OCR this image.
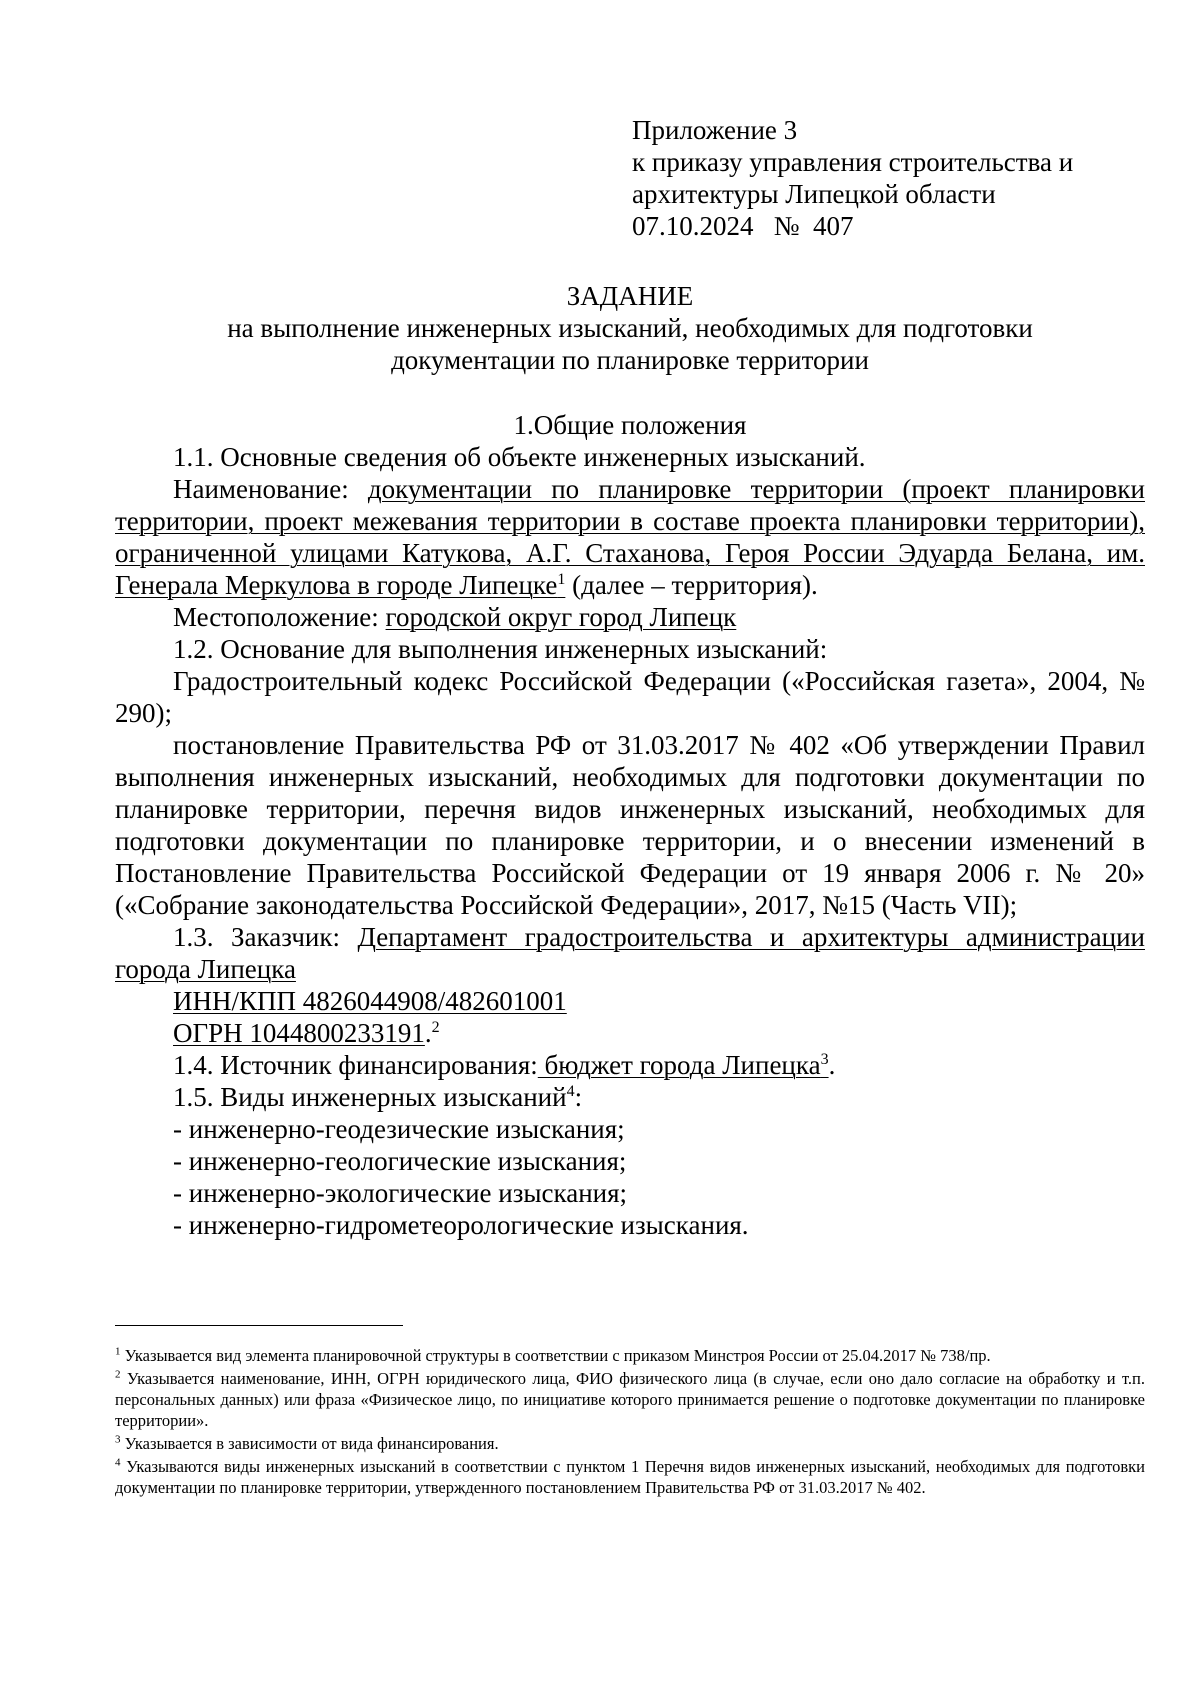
Приложение 3
к приказу управления строительства и
архитектуры Липецкой области
07.10.2024   №  407
ЗАДАНИЕ
на выполнение инженерных изысканий, необходимых для подготовки
документации по планировке территории

1.Общие положения

1.1. Основные сведения об объекте инженерных изысканий.

Наименование: документации по планировке территории (проект планировки территории, проект межевания территории в составе проекта планировки территории), ограниченной улицами Катукова, А.Г. Стаханова, Героя России Эдуарда Белана, им. Генерала Меркулова в городе Липецке$^1$ (далее – территория).

Местоположение: городской округ город Липецк

1.2. Основание для выполнения инженерных изысканий:

Градостроительный кодекс Российской Федерации («Российская газета», 2004, № 290);

постановление Правительства РФ от 31.03.2017 № 402 «Об утверждении Правил выполнения инженерных изысканий, необходимых для подготовки документации по планировке территории, перечня видов инженерных изысканий, необходимых для подготовки документации по планировке территории, и о внесении изменений в Постановление Правительства Российской Федерации от 19 января 2006 г. № 20» («Собрание законодательства Российской Федерации», 2017, №15 (Часть VII);

1.3. Заказчик: Департамент градостроительства и архитектуры администрации города Липецка

ИНН/КПП 4826044908/482601001

ОГРН 1044800233191.$^2$

1.4. Источник финансирования: бюджет города Липецка$^3$.

1.5. Виды инженерных изысканий$^4$:

- инженерно-геодезические изыскания;

- инженерно-геологические изыскания;

- инженерно-экологические изыскания;

- инженерно-гидрометеорологические изыскания.

$^1$ Указывается вид элемента планировочной структуры в соответствии с приказом Минстроя России от 25.04.2017 № 738/пр.

$^2$ Указывается наименование, ИНН, ОГРН юридического лица, ФИО физического лица (в случае, если оно дало согласие на обработку и т.п. персональных данных) или фраза «Физическое лицо, по инициативе которого принимается решение о подготовке документации по планировке территории».

$^3$ Указывается в зависимости от вида финансирования.

$^4$ Указываются виды инженерных изысканий в соответствии с пунктом 1 Перечня видов инженерных изысканий, необходимых для подготовки документации по планировке территории, утвержденного постановлением Правительства РФ от 31.03.2017 № 402.
